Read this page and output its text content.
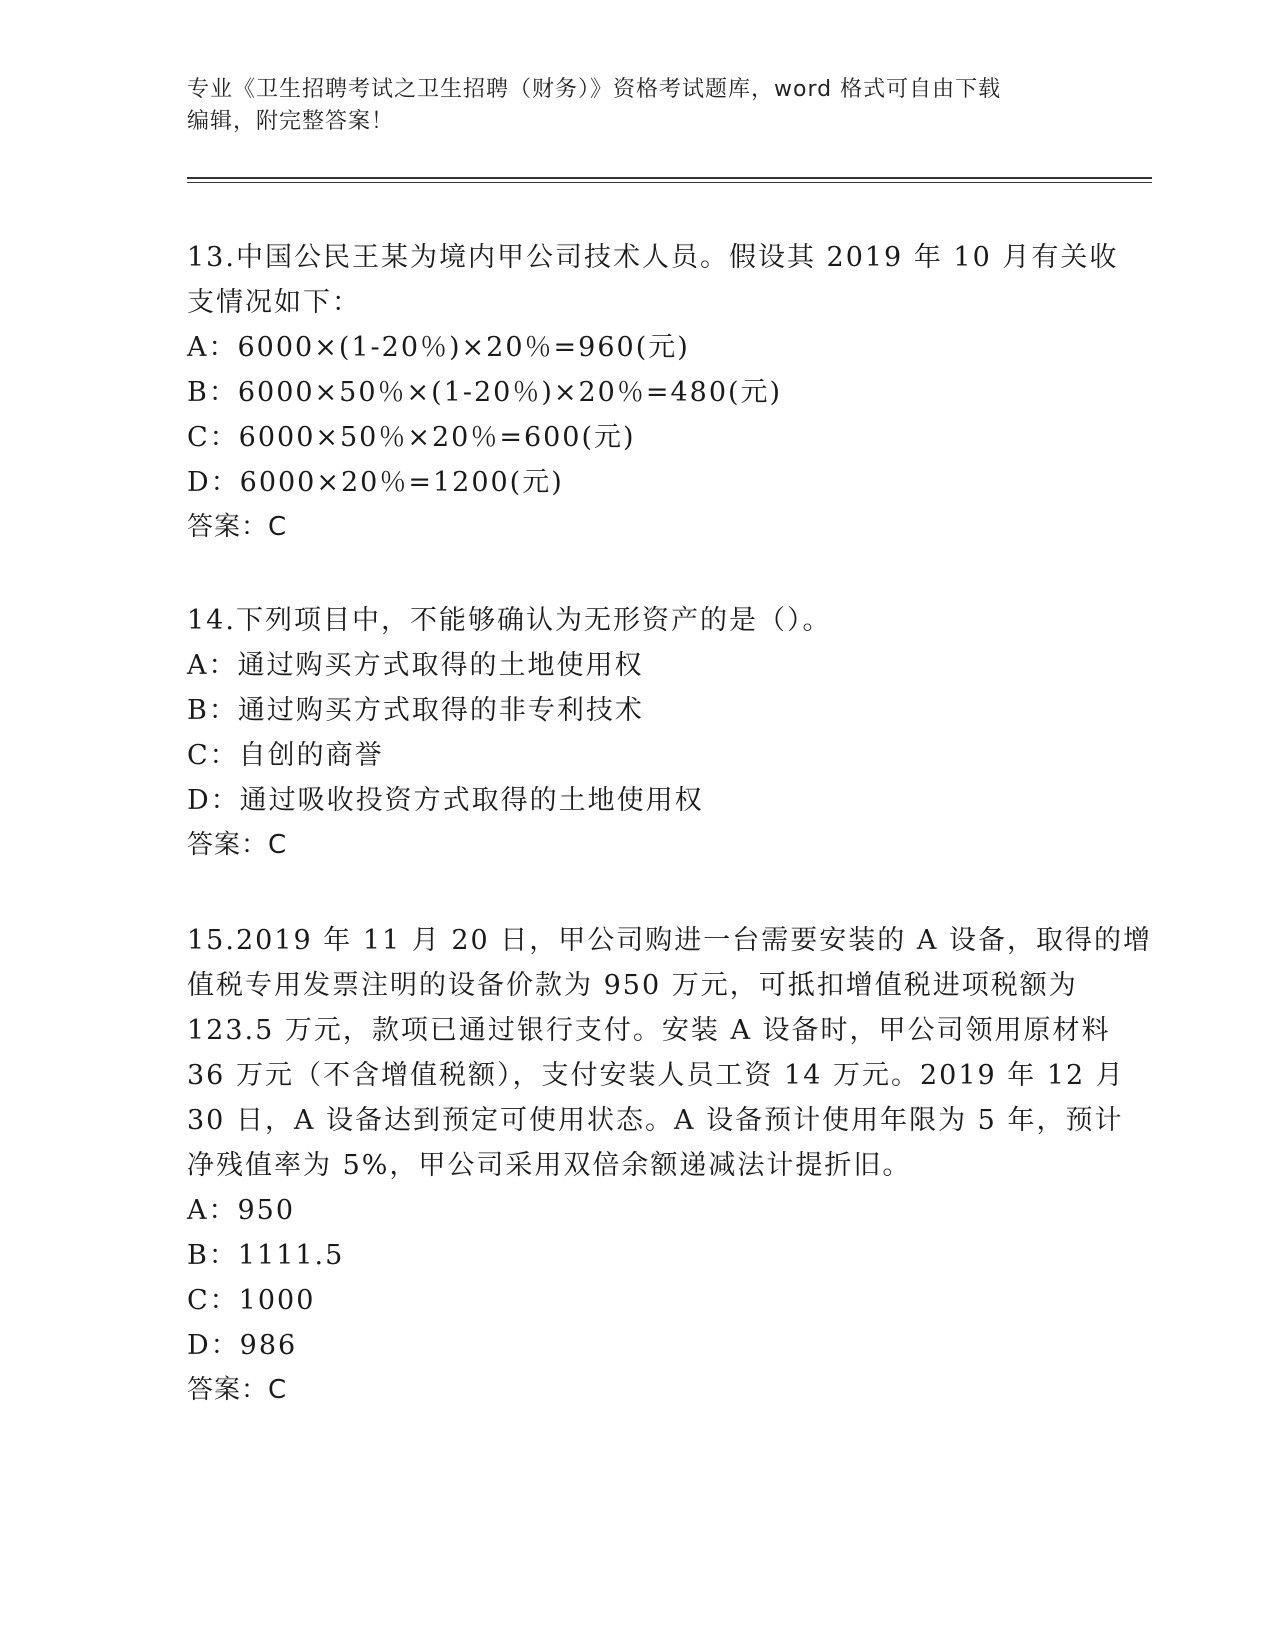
专业《卫生招聘考试之卫生招聘（财务）》资格考试题库，word 格式可自由下载
编辑，附完整答案！
13.中国公民王某为境内甲公司技术人员。假设其 2019 年 10 月有关收
支情况如下：
A：6000×(1-20％)×20％=960(元)
B：6000×50％×(1-20％)×20％=480(元)
C：6000×50％×20％=600(元)
D：6000×20％=1200(元)
答案：C
14.下列项目中，不能够确认为无形资产的是（）。
A：通过购买方式取得的土地使用权
B：通过购买方式取得的非专利技术
C：自创的商誉
D：通过吸收投资方式取得的土地使用权
答案：C
15.2019 年 11 月 20 日，甲公司购进一台需要安装的 A 设备，取得的增
值税专用发票注明的设备价款为 950 万元，可抵扣增值税进项税额为
123.5 万元，款项已通过银行支付。安装 A 设备时，甲公司领用原材料
36 万元（不含增值税额），支付安装人员工资 14 万元。2019 年 12 月
30 日，A 设备达到预定可使用状态。A 设备预计使用年限为 5 年，预计
净残值率为 5%，甲公司采用双倍余额递减法计提折旧。
A：950
B：1111.5
C：1000
D：986
答案：C
